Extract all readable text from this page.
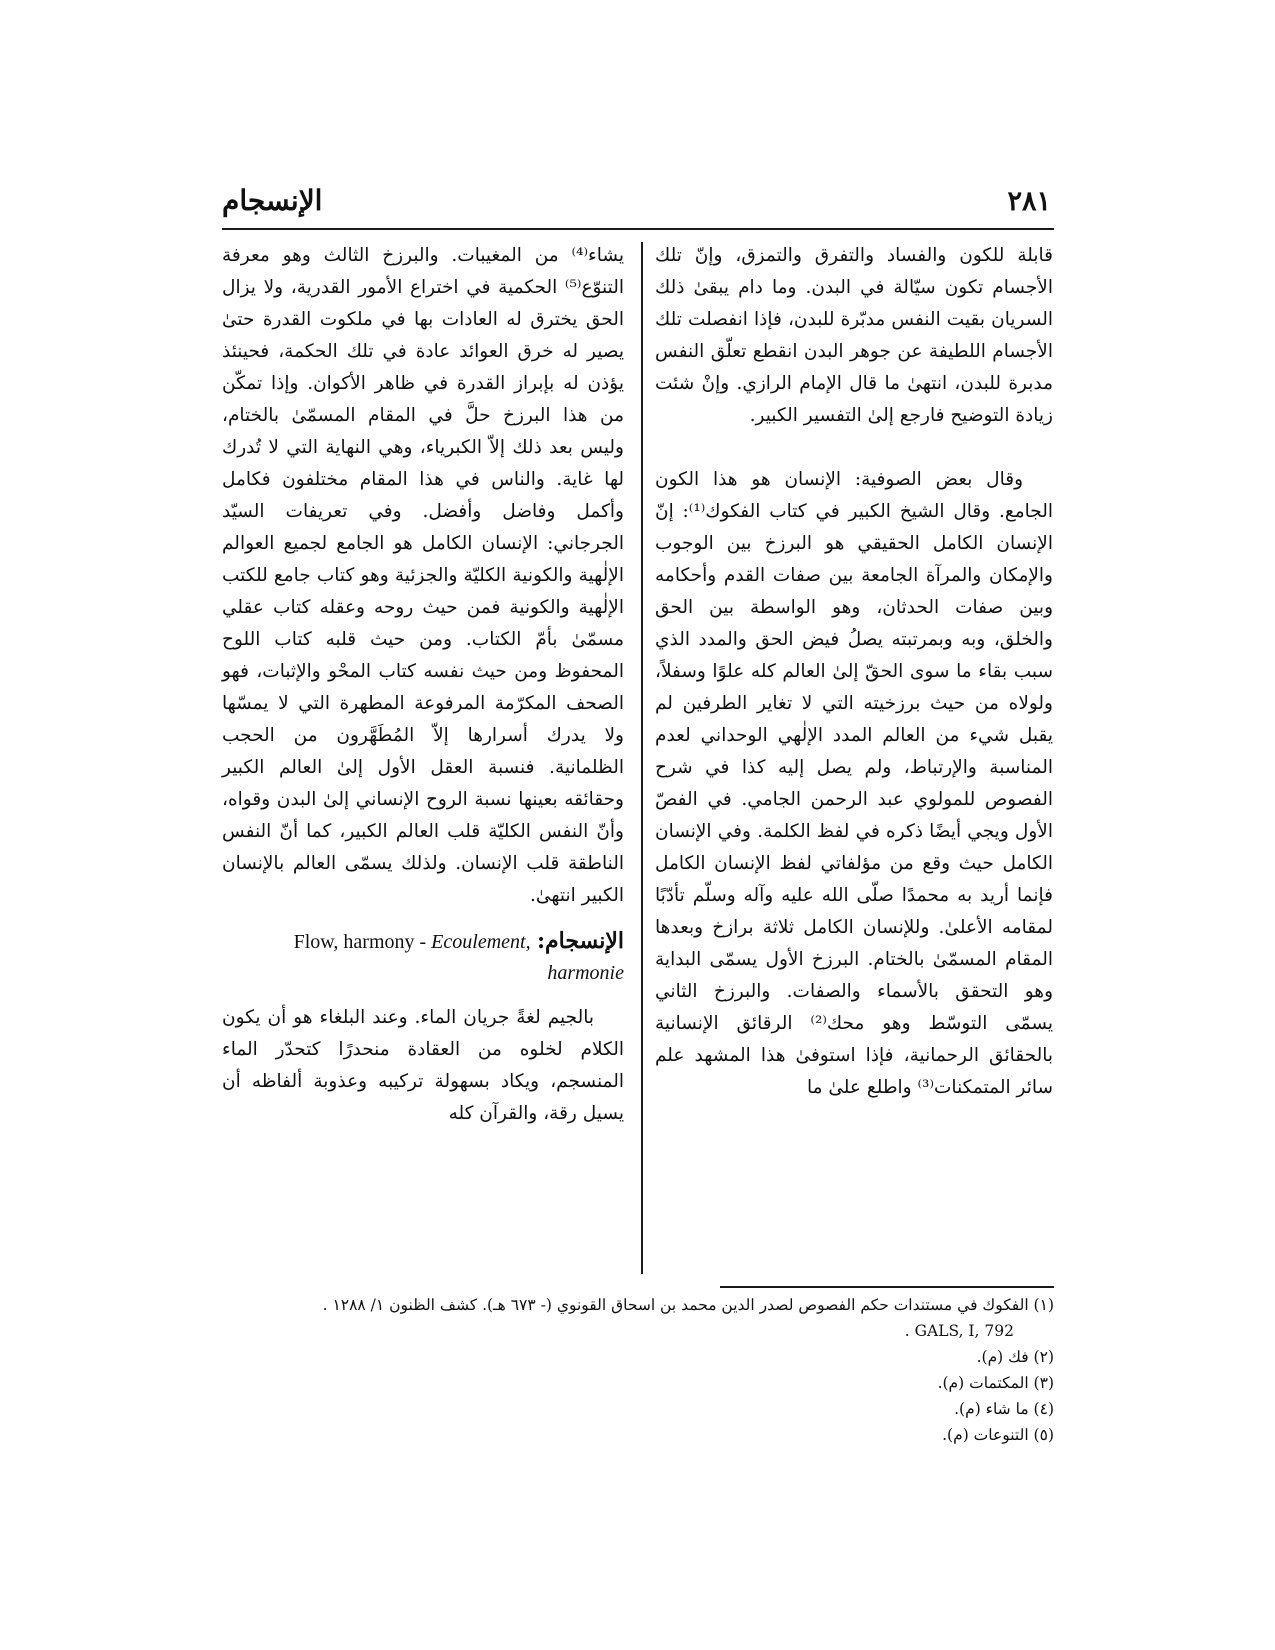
٢٨١
الإنسجام

قابلة للكون والفساد والتفرق والتمزق، وإنّ تلك الأجسام تكون سيّالة في البدن. وما دام يبقىٰ ذلك السريان بقيت النفس مدبّرة للبدن، فإذا انفصلت تلك الأجسام اللطيفة عن جوهر البدن انقطع تعلّق النفس مدبرة للبدن، انتهىٰ ما قال الإمام الرازي. وإنْ شئت زيادة التوضيح فارجع إلىٰ التفسير الكبير.

وقال بعض الصوفية: الإنسان هو هذا الكون الجامع. وقال الشيخ الكبير في كتاب الفكوك⁽¹⁾: إنّ الإنسان الكامل الحقيقي هو البرزخ بين الوجوب والإمكان والمرآة الجامعة بين صفات القدم وأحكامه وبين صفات الحدثان، وهو الواسطة بين الحق والخلق، وبه وبمرتبته يصلُ فيض الحق والمدد الذي سبب بقاء ما سوى الحقّ إلىٰ العالم كله علوًا وسفلاً، ولولاه من حيث برزخيته التي لا تغاير الطرفين لم يقبل شيء من العالم المدد الإلٰهي الوحداني لعدم المناسبة والإرتباط، ولم يصل إليه كذا في شرح الفصوص للمولوي عبد الرحمن الجامي. في الفصّ الأول ويجي أيضًا ذكره في لفظ الكلمة. وفي الإنسان الكامل حيث وقع من مؤلفاتي لفظ الإنسان الكامل فإنما أريد به محمدًا صلّى الله عليه وآله وسلّم تأدّبًا لمقامه الأعلىٰ. وللإنسان الكامل ثلاثة برازخ وبعدها المقام المسمّىٰ بالختام. البرزخ الأول يسمّى البداية وهو التحقق بالأسماء والصفات. والبرزخ الثاني يسمّى التوسّط وهو محك⁽²⁾ الرقائق الإنسانية بالحقائق الرحمانية، فإذا استوفىٰ هذا المشهد علم سائر المتمكنات⁽³⁾ واطلع علىٰ ما

يشاء⁽⁴⁾ من المغيبات. والبرزخ الثالث وهو معرفة التنوّع⁽⁵⁾ الحكمية في اختراع الأمور القدرية، ولا يزال الحق يخترق له العادات بها في ملكوت القدرة حتىٰ يصير له خرق العوائد عادة في تلك الحكمة، فحينئذ يؤذن له بإبراز القدرة في ظاهر الأكوان. وإذا تمكّن من هذا البرزخ حلَّ في المقام المسمّىٰ بالختام، وليس بعد ذلك إلاّ الكبرياء، وهي النهاية التي لا تُدرك لها غاية. والناس في هذا المقام مختلفون فكامل وأكمل وفاضل وأفضل. وفي تعريفات السيّد الجرجاني: الإنسان الكامل هو الجامع لجميع العوالم الإلٰهية والكونية الكليّة والجزئية وهو كتاب جامع للكتب الإلٰهية والكونية فمن حيث روحه وعقله كتاب عقلي مسمّىٰ بأمّ الكتاب. ومن حيث قلبه كتاب اللوح المحفوظ ومن حيث نفسه كتاب المحْو والإثبات، فهو الصحف المكرّمة المرفوعة المطهرة التي لا يمسّها ولا يدرك أسرارها إلاّ المُطَهَّرون من الحجب الظلمانية. فنسبة العقل الأول إلىٰ العالم الكبير وحقائقه بعينها نسبة الروح الإنساني إلىٰ البدن وقواه، وأنّ النفس الكليّة قلب العالم الكبير، كما أنّ النفس الناطقة قلب الإنسان. ولذلك يسمّى العالم بالإنسان الكبير انتهىٰ.

الإنسجام: Flow, harmony - Ecoulement, harmonie

بالجيم لغةً جريان الماء. وعند البلغاء هو أن يكون الكلام لخلوه من العقادة منحدرًا كتحدّر الماء المنسجم، ويكاد بسهولة تركيبه وعذوبة ألفاظه أن يسيل رقة، والقرآن كله

(١) الفكوك في مستندات حكم الفصوص لصدر الدين محمد بن اسحاق القونوي (- ٦٧٣ هـ). كشف الظنون ١/ ١٢٨٨ .

GALS, I, 792 .

(٢) فك (م).

(٣) المكتمات (م).

(٤) ما شاء (م).

(٥) التنوعات (م).
